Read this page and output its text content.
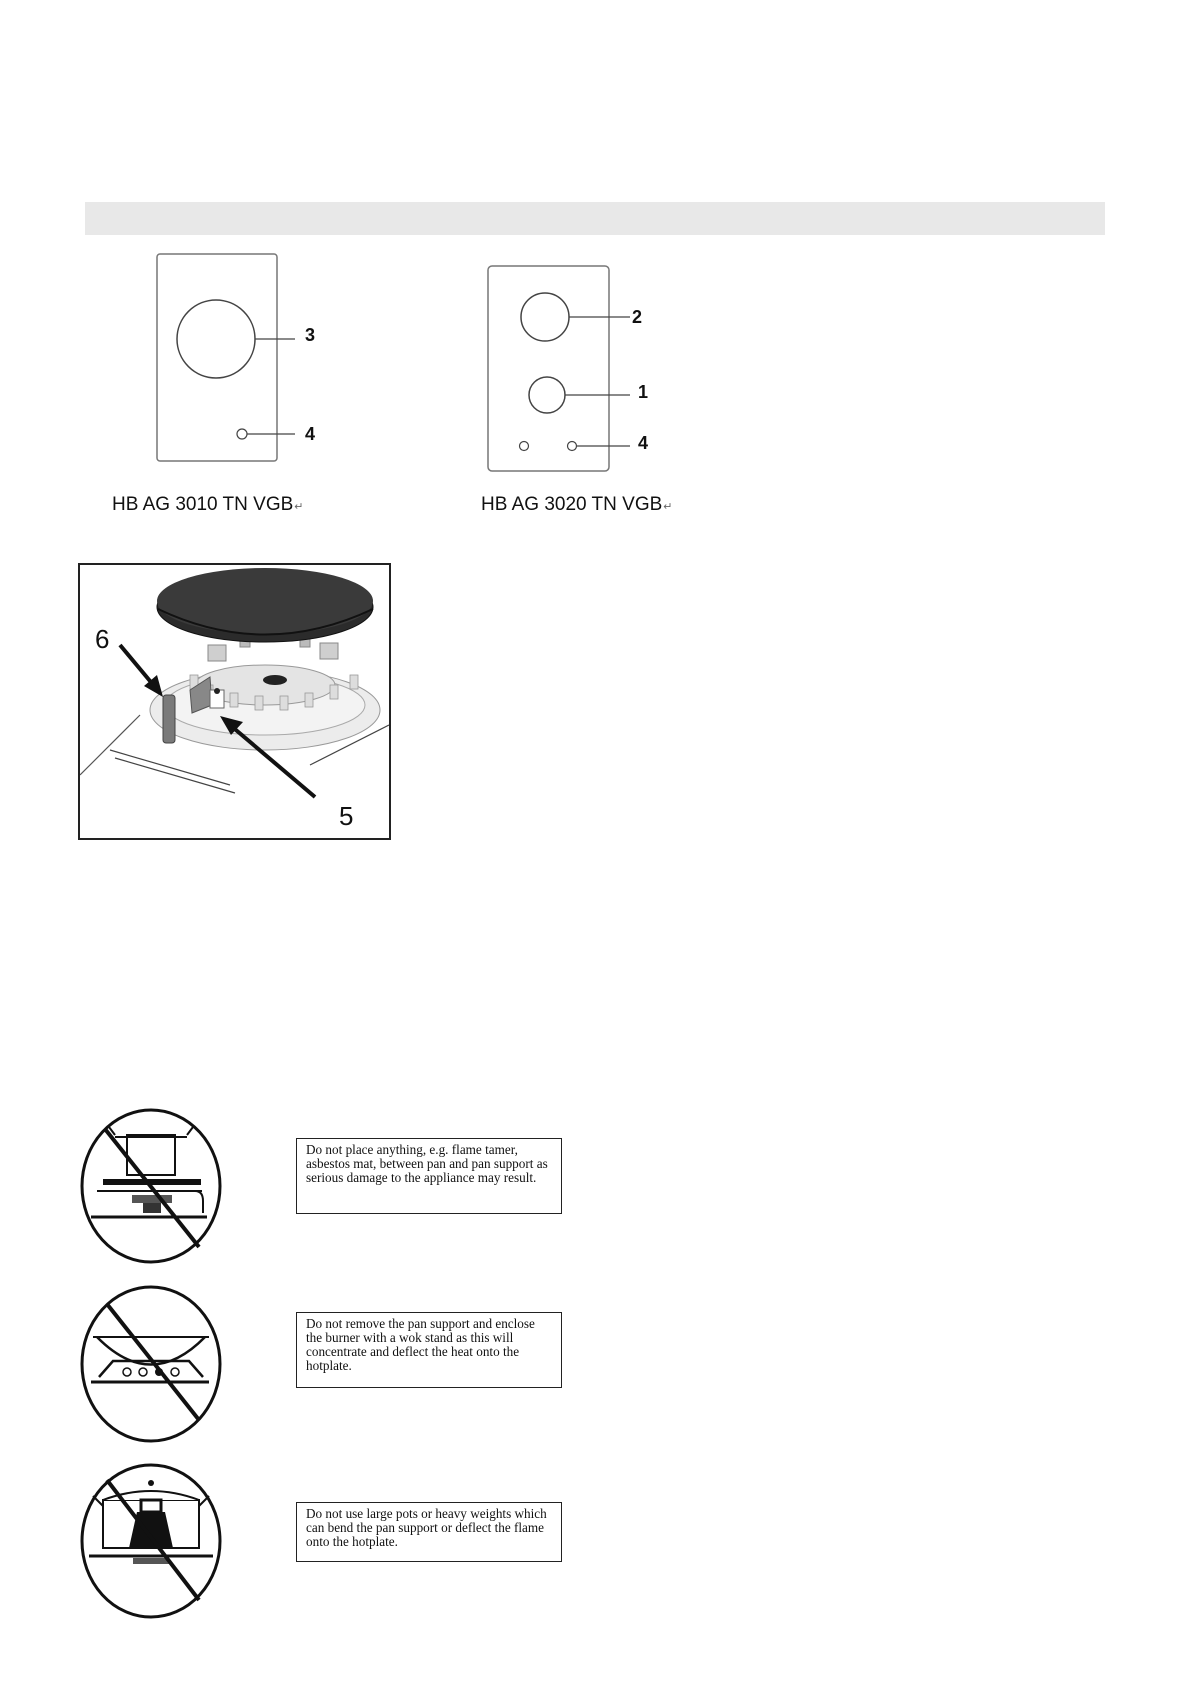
3
4
2
1
4
HB AG 3010 TN VGB↵	HB AG 3020 TN VGB↵
6
5
Do not place anything, e.g. flame tamer, asbestos mat, between pan and pan support as serious damage to the appliance may result.
Do not remove the pan support and enclose the burner with a wok stand as this will concentrate and deflect the heat onto the hotplate.
Do not use large pots or heavy weights which can bend the pan support or deflect the flame onto the hotplate.
